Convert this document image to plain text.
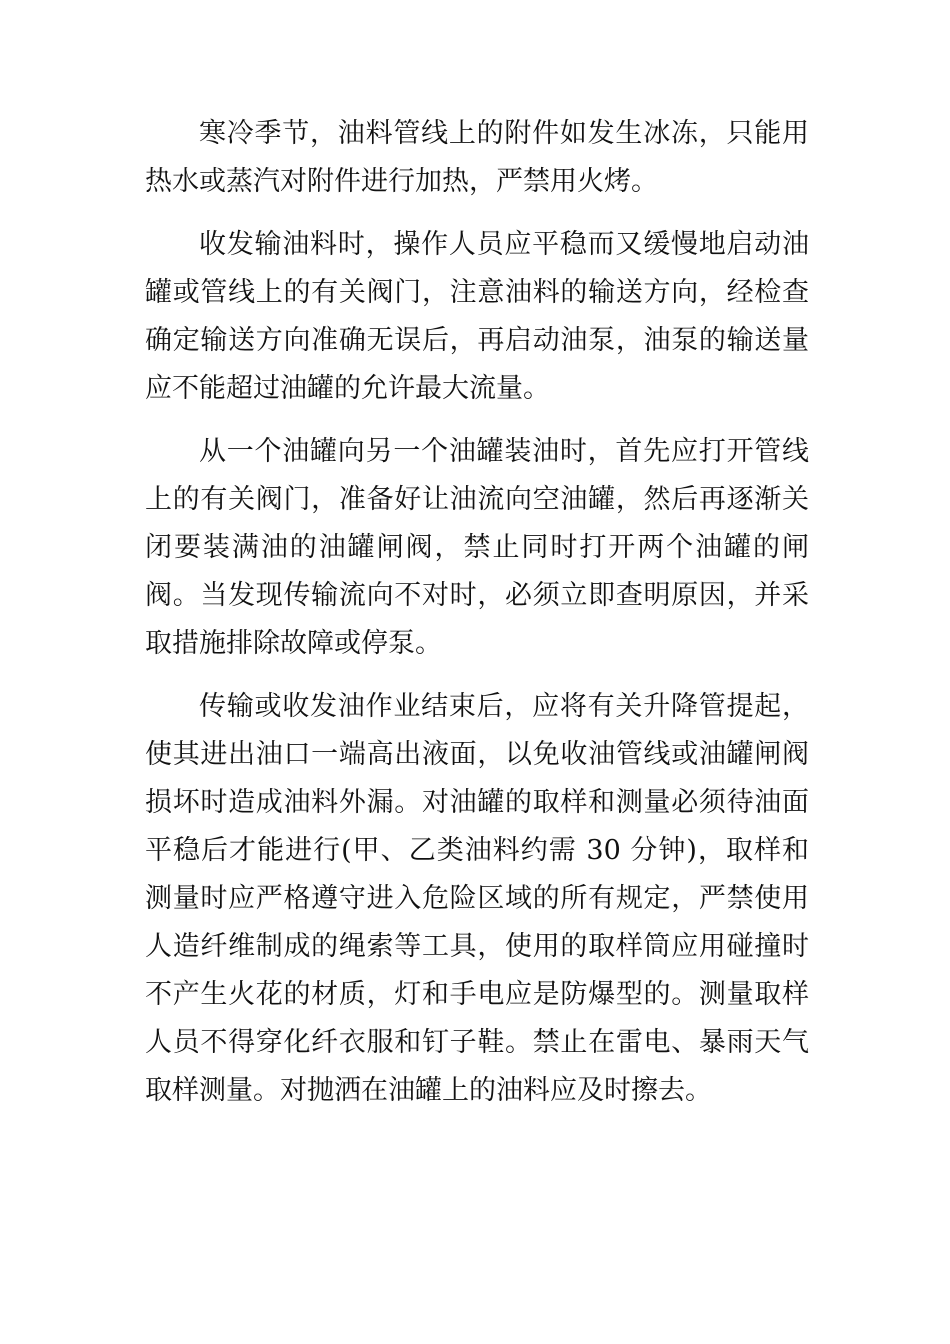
寒冷季节，油料管线上的附件如发生冰冻，只能用热水或蒸汽对附件进行加热，严禁用火烤。

收发输油料时，操作人员应平稳而又缓慢地启动油罐或管线上的有关阀门，注意油料的输送方向，经检查确定输送方向准确无误后，再启动油泵，油泵的输送量应不能超过油罐的允许最大流量。

从一个油罐向另一个油罐装油时，首先应打开管线上的有关阀门，准备好让油流向空油罐，然后再逐渐关闭要装满油的油罐闸阀，禁止同时打开两个油罐的闸阀。当发现传输流向不对时，必须立即查明原因，并采取措施排除故障或停泵。

传输或收发油作业结束后，应将有关升降管提起，使其进出油口一端高出液面，以免收油管线或油罐闸阀损坏时造成油料外漏。对油罐的取样和测量必须待油面平稳后才能进行(甲、乙类油料约需 30 分钟)，取样和测量时应严格遵守进入危险区域的所有规定，严禁使用人造纤维制成的绳索等工具，使用的取样筒应用碰撞时不产生火花的材质，灯和手电应是防爆型的。测量取样人员不得穿化纤衣服和钉子鞋。禁止在雷电、暴雨天气取样测量。对抛洒在油罐上的油料应及时擦去。
